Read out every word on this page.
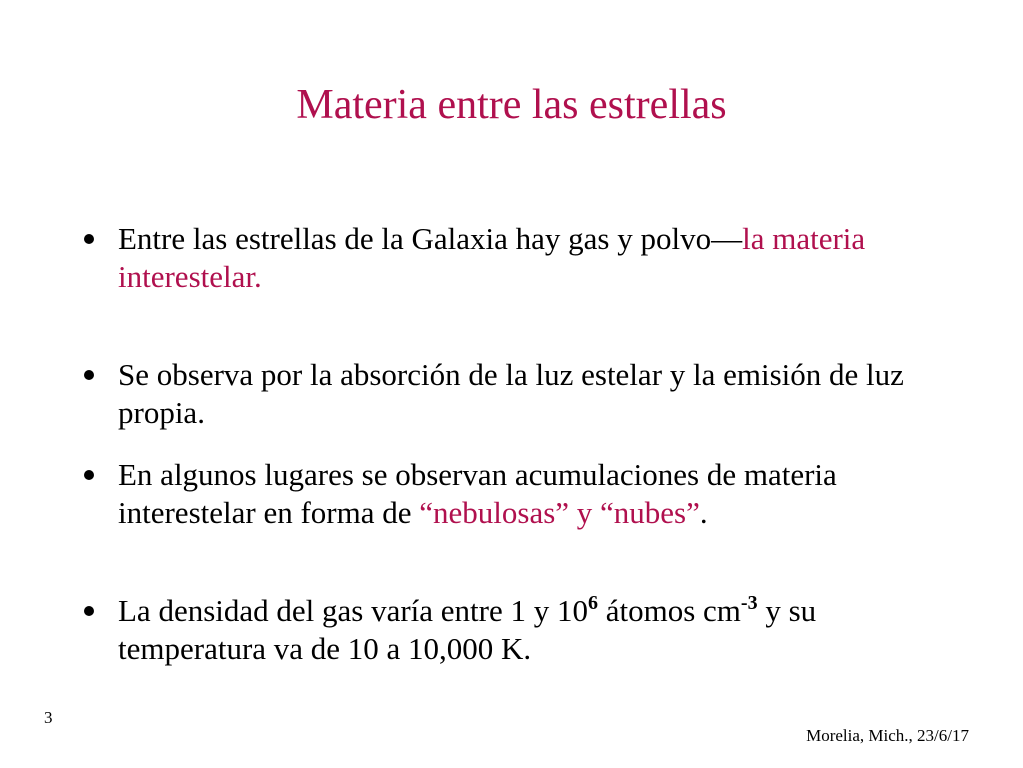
Materia entre las estrellas
Entre las estrellas de la Galaxia hay gas y polvo—la materia interestelar.
Se observa por la absorción de la luz estelar y la emisión de luz propia.
En algunos lugares se observan acumulaciones de materia interestelar en forma de “nebulosas” y “nubes”.
La densidad del gas varía entre 1 y $10^6$ átomos $cm^{-3}$ y su temperatura va de 10 a 10,000 K.
3
Morelia, Mich., 23/6/17
